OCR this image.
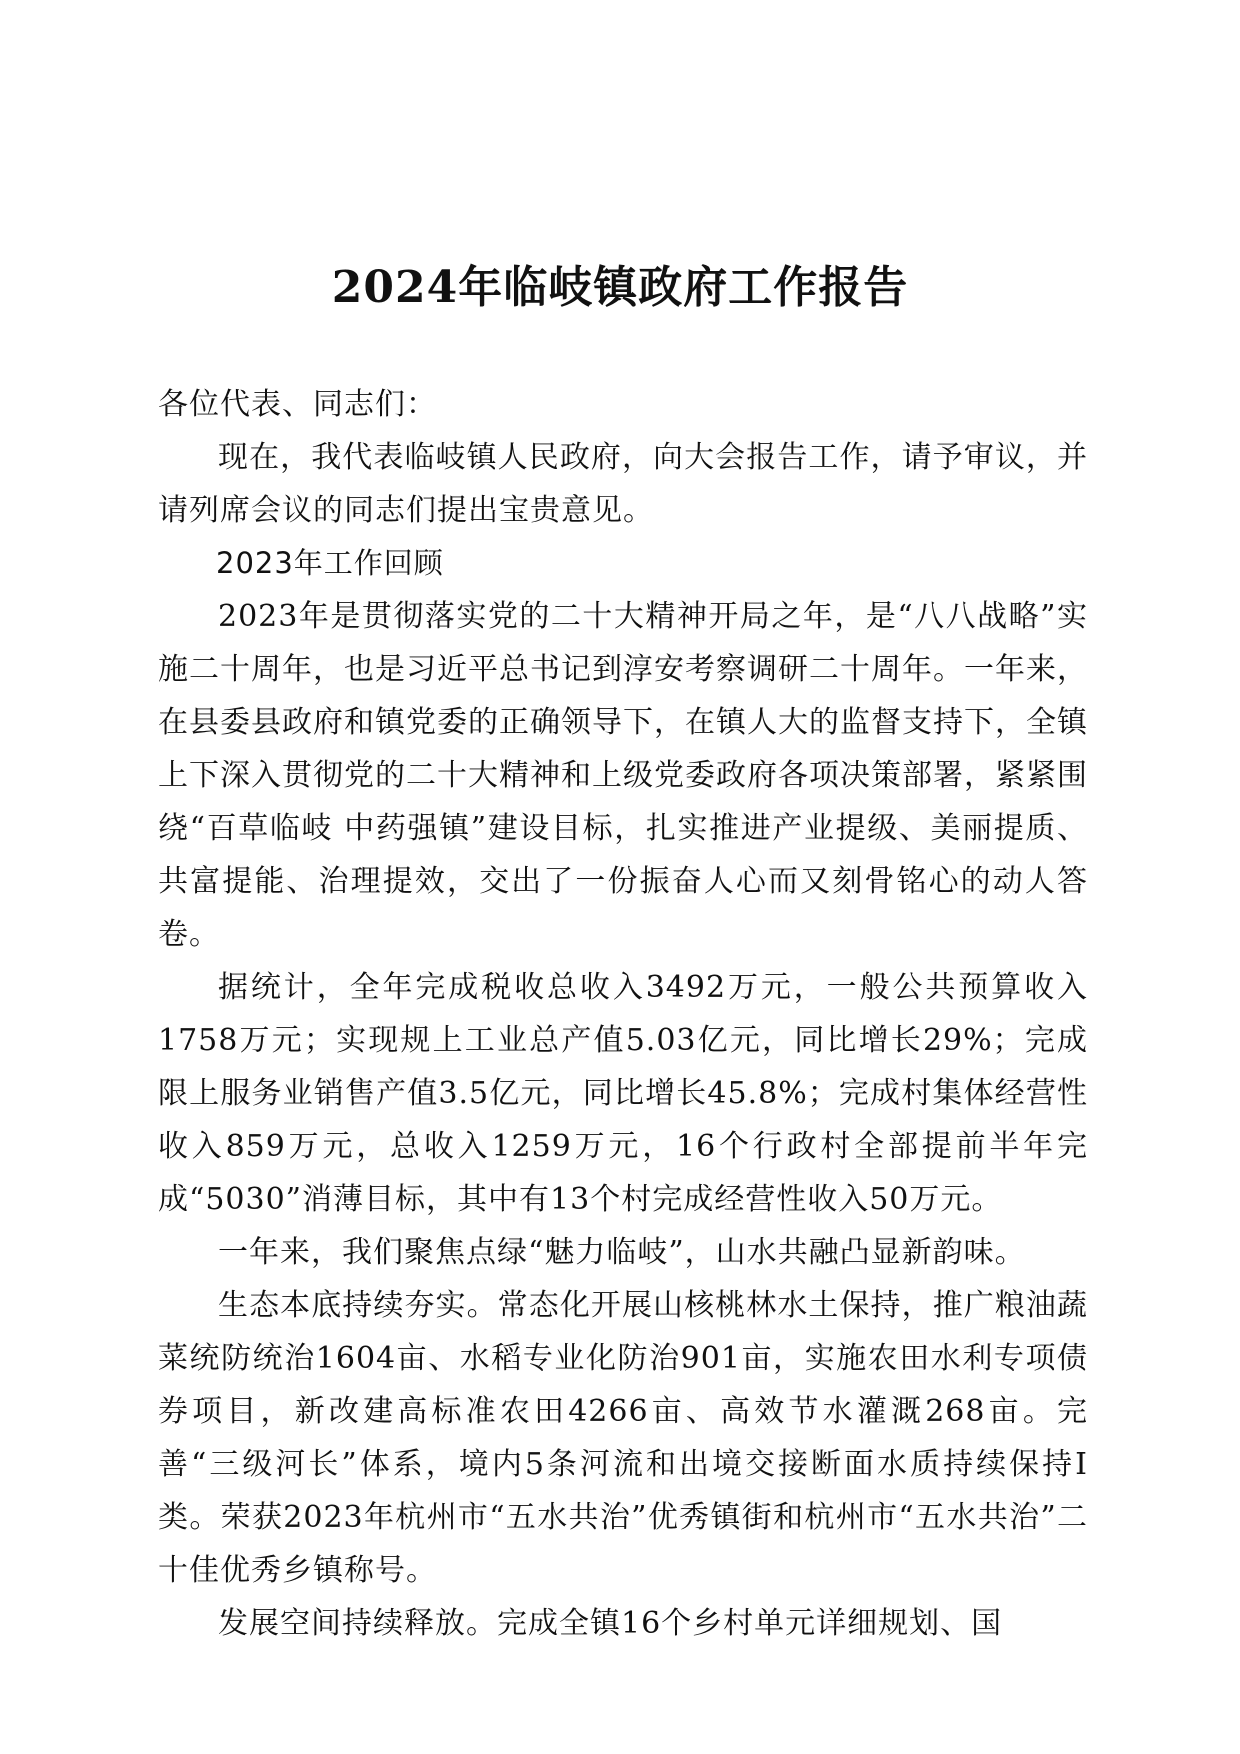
2024年临岐镇政府工作报告

各位代表、同志们：

现在，我代表临岐镇人民政府，向大会报告工作，请予审议，并请列席会议的同志们提出宝贵意见。

2023年工作回顾

2023年是贯彻落实党的二十大精神开局之年，是“八八战略”实施二十周年，也是习近平总书记到淳安考察调研二十周年。一年来，在县委县政府和镇党委的正确领导下，在镇人大的监督支持下，全镇上下深入贯彻党的二十大精神和上级党委政府各项决策部署，紧紧围绕“百草临岐 中药强镇”建设目标，扎实推进产业提级、美丽提质、共富提能、治理提效，交出了一份振奋人心而又刻骨铭心的动人答卷。

据统计，全年完成税收总收入3492万元，一般公共预算收入1758万元；实现规上工业总产值5.03亿元，同比增长29%；完成限上服务业销售产值3.5亿元，同比增长45.8%；完成村集体经营性收入859万元，总收入1259万元，16个行政村全部提前半年完成“5030”消薄目标，其中有13个村完成经营性收入50万元。

一年来，我们聚焦点绿“魅力临岐”，山水共融凸显新韵味。

生态本底持续夯实。常态化开展山核桃林水土保持，推广粮油蔬菜统防统治1604亩、水稻专业化防治901亩，实施农田水利专项债券项目，新改建高标准农田4266亩、高效节水灌溉268亩。完善“三级河长”体系，境内5条河流和出境交接断面水质持续保持I类。荣获2023年杭州市“五水共治”优秀镇街和杭州市“五水共治”二十佳优秀乡镇称号。

发展空间持续释放。完成全镇16个乡村单元详细规划、国
